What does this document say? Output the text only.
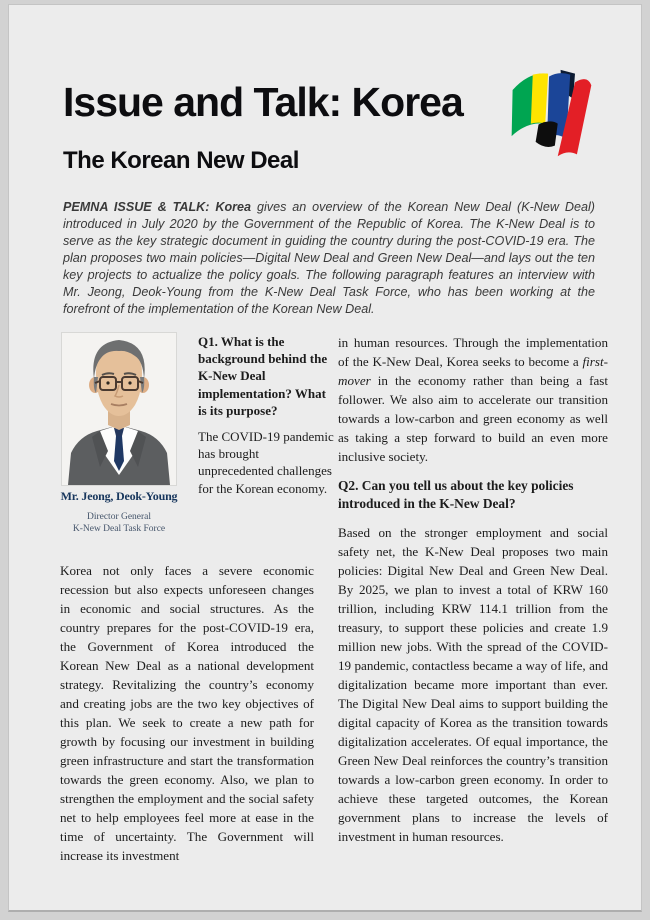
Issue and Talk: Korea
The Korean New Deal

PEMNA ISSUE & TALK: Korea gives an overview of the Korean New Deal (K-New Deal) introduced in July 2020 by the Government of the Republic of Korea. The K-New Deal is to serve as the key strategic document in guiding the country during the post-COVID-19 era. The plan proposes two main policies—Digital New Deal and Green New Deal—and lays out the ten key projects to actualize the policy goals. The following paragraph features an interview with Mr. Jeong, Deok-Young from the K-New Deal Task Force, who has been working at the forefront of the implementation of the Korean New Deal.

Mr. Jeong, Deok-Young
Director General
K-New Deal Task Force

Q1. What is the background behind the K-New Deal implementation? What is its purpose?

The COVID-19 pandemic has brought unprecedented challenges for the Korean economy.

Korea not only faces a severe economic recession but also expects unforeseen changes in economic and social structures. As the country prepares for the post-COVID-19 era, the Government of Korea introduced the Korean New Deal as a national development strategy. Revitalizing the country’s economy and creating jobs are the two key objectives of this plan. We seek to create a new path for growth by focusing our investment in building green infrastructure and start the transformation towards the green economy. Also, we plan to strengthen the employment and the social safety net to help employees feel more at ease in the time of uncertainty. The Government will increase its investment

in human resources. Through the implementation of the K-New Deal, Korea seeks to become a first-mover in the economy rather than being a fast follower. We also aim to accelerate our transition towards a low-carbon and green economy as well as taking a step forward to build an even more inclusive society.

Q2. Can you tell us about the key policies introduced in the K-New Deal?

Based on the stronger employment and social safety net, the K-New Deal proposes two main policies: Digital New Deal and Green New Deal. By 2025, we plan to invest a total of KRW 160 trillion, including KRW 114.1 trillion from the treasury, to support these policies and create 1.9 million new jobs. With the spread of the COVID-19 pandemic, contactless became a way of life, and digitalization became more important than ever. The Digital New Deal aims to support building the digital capacity of Korea as the transition towards digitalization accelerates. Of equal importance, the Green New Deal reinforces the country’s transition towards a low-carbon green economy. In order to achieve these targeted outcomes, the Korean government plans to increase the levels of investment in human resources.
